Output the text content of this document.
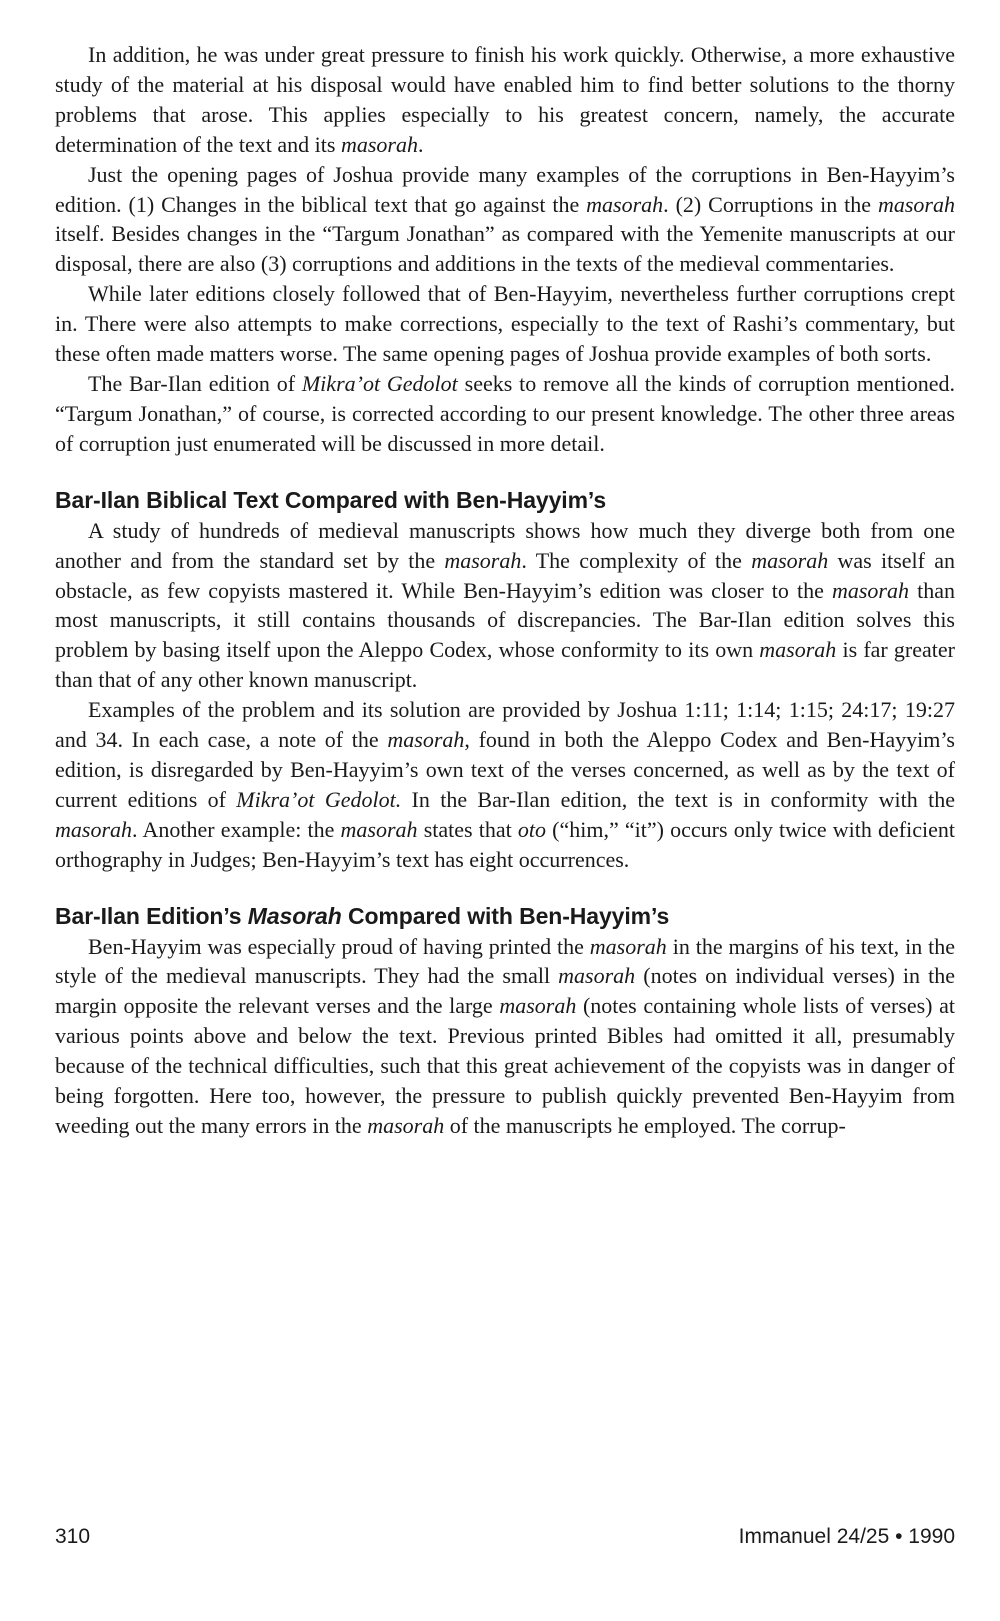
In addition, he was under great pressure to finish his work quickly. Otherwise, a more exhaustive study of the material at his disposal would have enabled him to find better solutions to the thorny problems that arose. This applies especially to his greatest concern, namely, the accurate determination of the text and its masorah.

Just the opening pages of Joshua provide many examples of the corruptions in Ben-Hayyim’s edition. (1) Changes in the biblical text that go against the masorah. (2) Corruptions in the masorah itself. Besides changes in the “Targum Jonathan” as compared with the Yemenite manuscripts at our disposal, there are also (3) corruptions and additions in the texts of the medieval commentaries.

While later editions closely followed that of Ben-Hayyim, nevertheless further corruptions crept in. There were also attempts to make corrections, especially to the text of Rashi’s commentary, but these often made matters worse. The same opening pages of Joshua provide examples of both sorts.

The Bar-Ilan edition of Mikra’ot Gedolot seeks to remove all the kinds of corruption mentioned. “Targum Jonathan,” of course, is corrected according to our present knowledge. The other three areas of corruption just enumerated will be discussed in more detail.

Bar-Ilan Biblical Text Compared with Ben-Hayyim’s

A study of hundreds of medieval manuscripts shows how much they diverge both from one another and from the standard set by the masorah. The complexity of the masorah was itself an obstacle, as few copyists mastered it. While Ben-Hayyim’s edition was closer to the masorah than most manuscripts, it still contains thousands of discrepancies. The Bar-Ilan edition solves this problem by basing itself upon the Aleppo Codex, whose conformity to its own masorah is far greater than that of any other known manuscript.

Examples of the problem and its solution are provided by Joshua 1:11; 1:14; 1:15; 24:17; 19:27 and 34. In each case, a note of the masorah, found in both the Aleppo Codex and Ben-Hayyim’s edition, is disregarded by Ben-Hayyim’s own text of the verses concerned, as well as by the text of current editions of Mikra’ot Gedolot. In the Bar-Ilan edition, the text is in conformity with the masorah. Another example: the masorah states that oto (“him,” “it”) occurs only twice with deficient orthography in Judges; Ben-Hayyim’s text has eight occurrences.

Bar-Ilan Edition’s Masorah Compared with Ben-Hayyim’s

Ben-Hayyim was especially proud of having printed the masorah in the margins of his text, in the style of the medieval manuscripts. They had the small masorah (notes on individual verses) in the margin opposite the relevant verses and the large masorah (notes containing whole lists of verses) at various points above and below the text. Previous printed Bibles had omitted it all, presumably because of the technical difficulties, such that this great achievement of the copyists was in danger of being forgotten. Here too, however, the pressure to publish quickly prevented Ben-Hayyim from weeding out the many errors in the masorah of the manuscripts he employed. The corrup-

310	Immanuel 24/25 • 1990
